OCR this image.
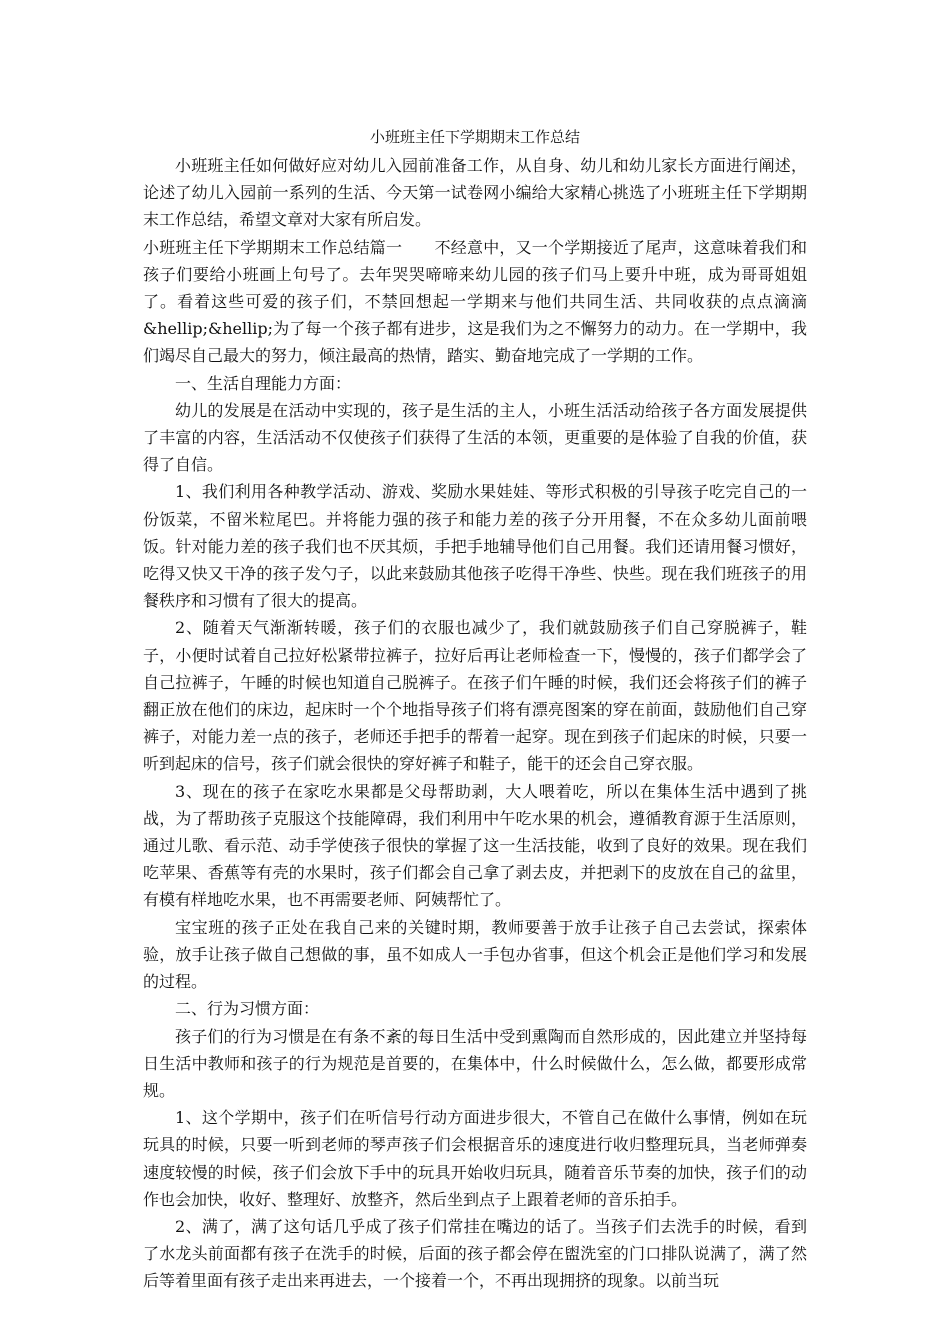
小班班主任下学期期末工作总结

小班班主任如何做好应对幼儿入园前准备工作，从自身、幼儿和幼儿家长方面进行阐述，论述了幼儿入园前一系列的生活、今天第一试卷网小编给大家精心挑选了小班班主任下学期期末工作总结，希望文章对大家有所启发。

小班班主任下学期期末工作总结篇一　　不经意中，又一个学期接近了尾声，这意味着我们和孩子们要给小班画上句号了。去年哭哭啼啼来幼儿园的孩子们马上要升中班，成为哥哥姐姐了。看着这些可爱的孩子们，不禁回想起一学期来与他们共同生活、共同收获的点点滴滴&hellip;&hellip;为了每一个孩子都有进步，这是我们为之不懈努力的动力。在一学期中，我们竭尽自己最大的努力，倾注最高的热情，踏实、勤奋地完成了一学期的工作。

一、生活自理能力方面：

幼儿的发展是在活动中实现的，孩子是生活的主人，小班生活活动给孩子各方面发展提供了丰富的内容，生活活动不仅使孩子们获得了生活的本领，更重要的是体验了自我的价值，获得了自信。

1、我们利用各种教学活动、游戏、奖励水果娃娃、等形式积极的引导孩子吃完自己的一份饭菜，不留米粒尾巴。并将能力强的孩子和能力差的孩子分开用餐，不在众多幼儿面前喂饭。针对能力差的孩子我们也不厌其烦，手把手地辅导他们自己用餐。我们还请用餐习惯好，吃得又快又干净的孩子发勺子，以此来鼓励其他孩子吃得干净些、快些。现在我们班孩子的用餐秩序和习惯有了很大的提高。

2、随着天气渐渐转暖，孩子们的衣服也减少了，我们就鼓励孩子们自己穿脱裤子，鞋子，小便时试着自己拉好松紧带拉裤子，拉好后再让老师检查一下，慢慢的，孩子们都学会了自己拉裤子，午睡的时候也知道自己脱裤子。在孩子们午睡的时候，我们还会将孩子们的裤子翻正放在他们的床边，起床时一个个地指导孩子们将有漂亮图案的穿在前面，鼓励他们自己穿裤子，对能力差一点的孩子，老师还手把手的帮着一起穿。现在到孩子们起床的时候，只要一听到起床的信号，孩子们就会很快的穿好裤子和鞋子，能干的还会自己穿衣服。

3、现在的孩子在家吃水果都是父母帮助剥，大人喂着吃，所以在集体生活中遇到了挑战，为了帮助孩子克服这个技能障碍，我们利用中午吃水果的机会，遵循教育源于生活原则，通过儿歌、看示范、动手学使孩子很快的掌握了这一生活技能，收到了良好的效果。现在我们吃苹果、香蕉等有壳的水果时，孩子们都会自己拿了剥去皮，并把剥下的皮放在自己的盆里，有模有样地吃水果，也不再需要老师、阿姨帮忙了。

宝宝班的孩子正处在我自己来的关键时期，教师要善于放手让孩子自己去尝试，探索体验，放手让孩子做自己想做的事，虽不如成人一手包办省事，但这个机会正是他们学习和发展的过程。

二、行为习惯方面：

孩子们的行为习惯是在有条不紊的每日生活中受到熏陶而自然形成的，因此建立并坚持每日生活中教师和孩子的行为规范是首要的，在集体中，什么时候做什么，怎么做，都要形成常规。

1、这个学期中，孩子们在听信号行动方面进步很大，不管自己在做什么事情，例如在玩玩具的时候，只要一听到老师的琴声孩子们会根据音乐的速度进行收归整理玩具，当老师弹奏速度较慢的时候，孩子们会放下手中的玩具开始收归玩具，随着音乐节奏的加快，孩子们的动作也会加快，收好、整理好、放整齐，然后坐到点子上跟着老师的音乐拍手。

2、满了，满了这句话几乎成了孩子们常挂在嘴边的话了。当孩子们去洗手的时候，看到了水龙头前面都有孩子在洗手的时候，后面的孩子都会停在盥洗室的门口排队说满了，满了然后等着里面有孩子走出来再进去，一个接着一个，不再出现拥挤的现象。以前当玩
